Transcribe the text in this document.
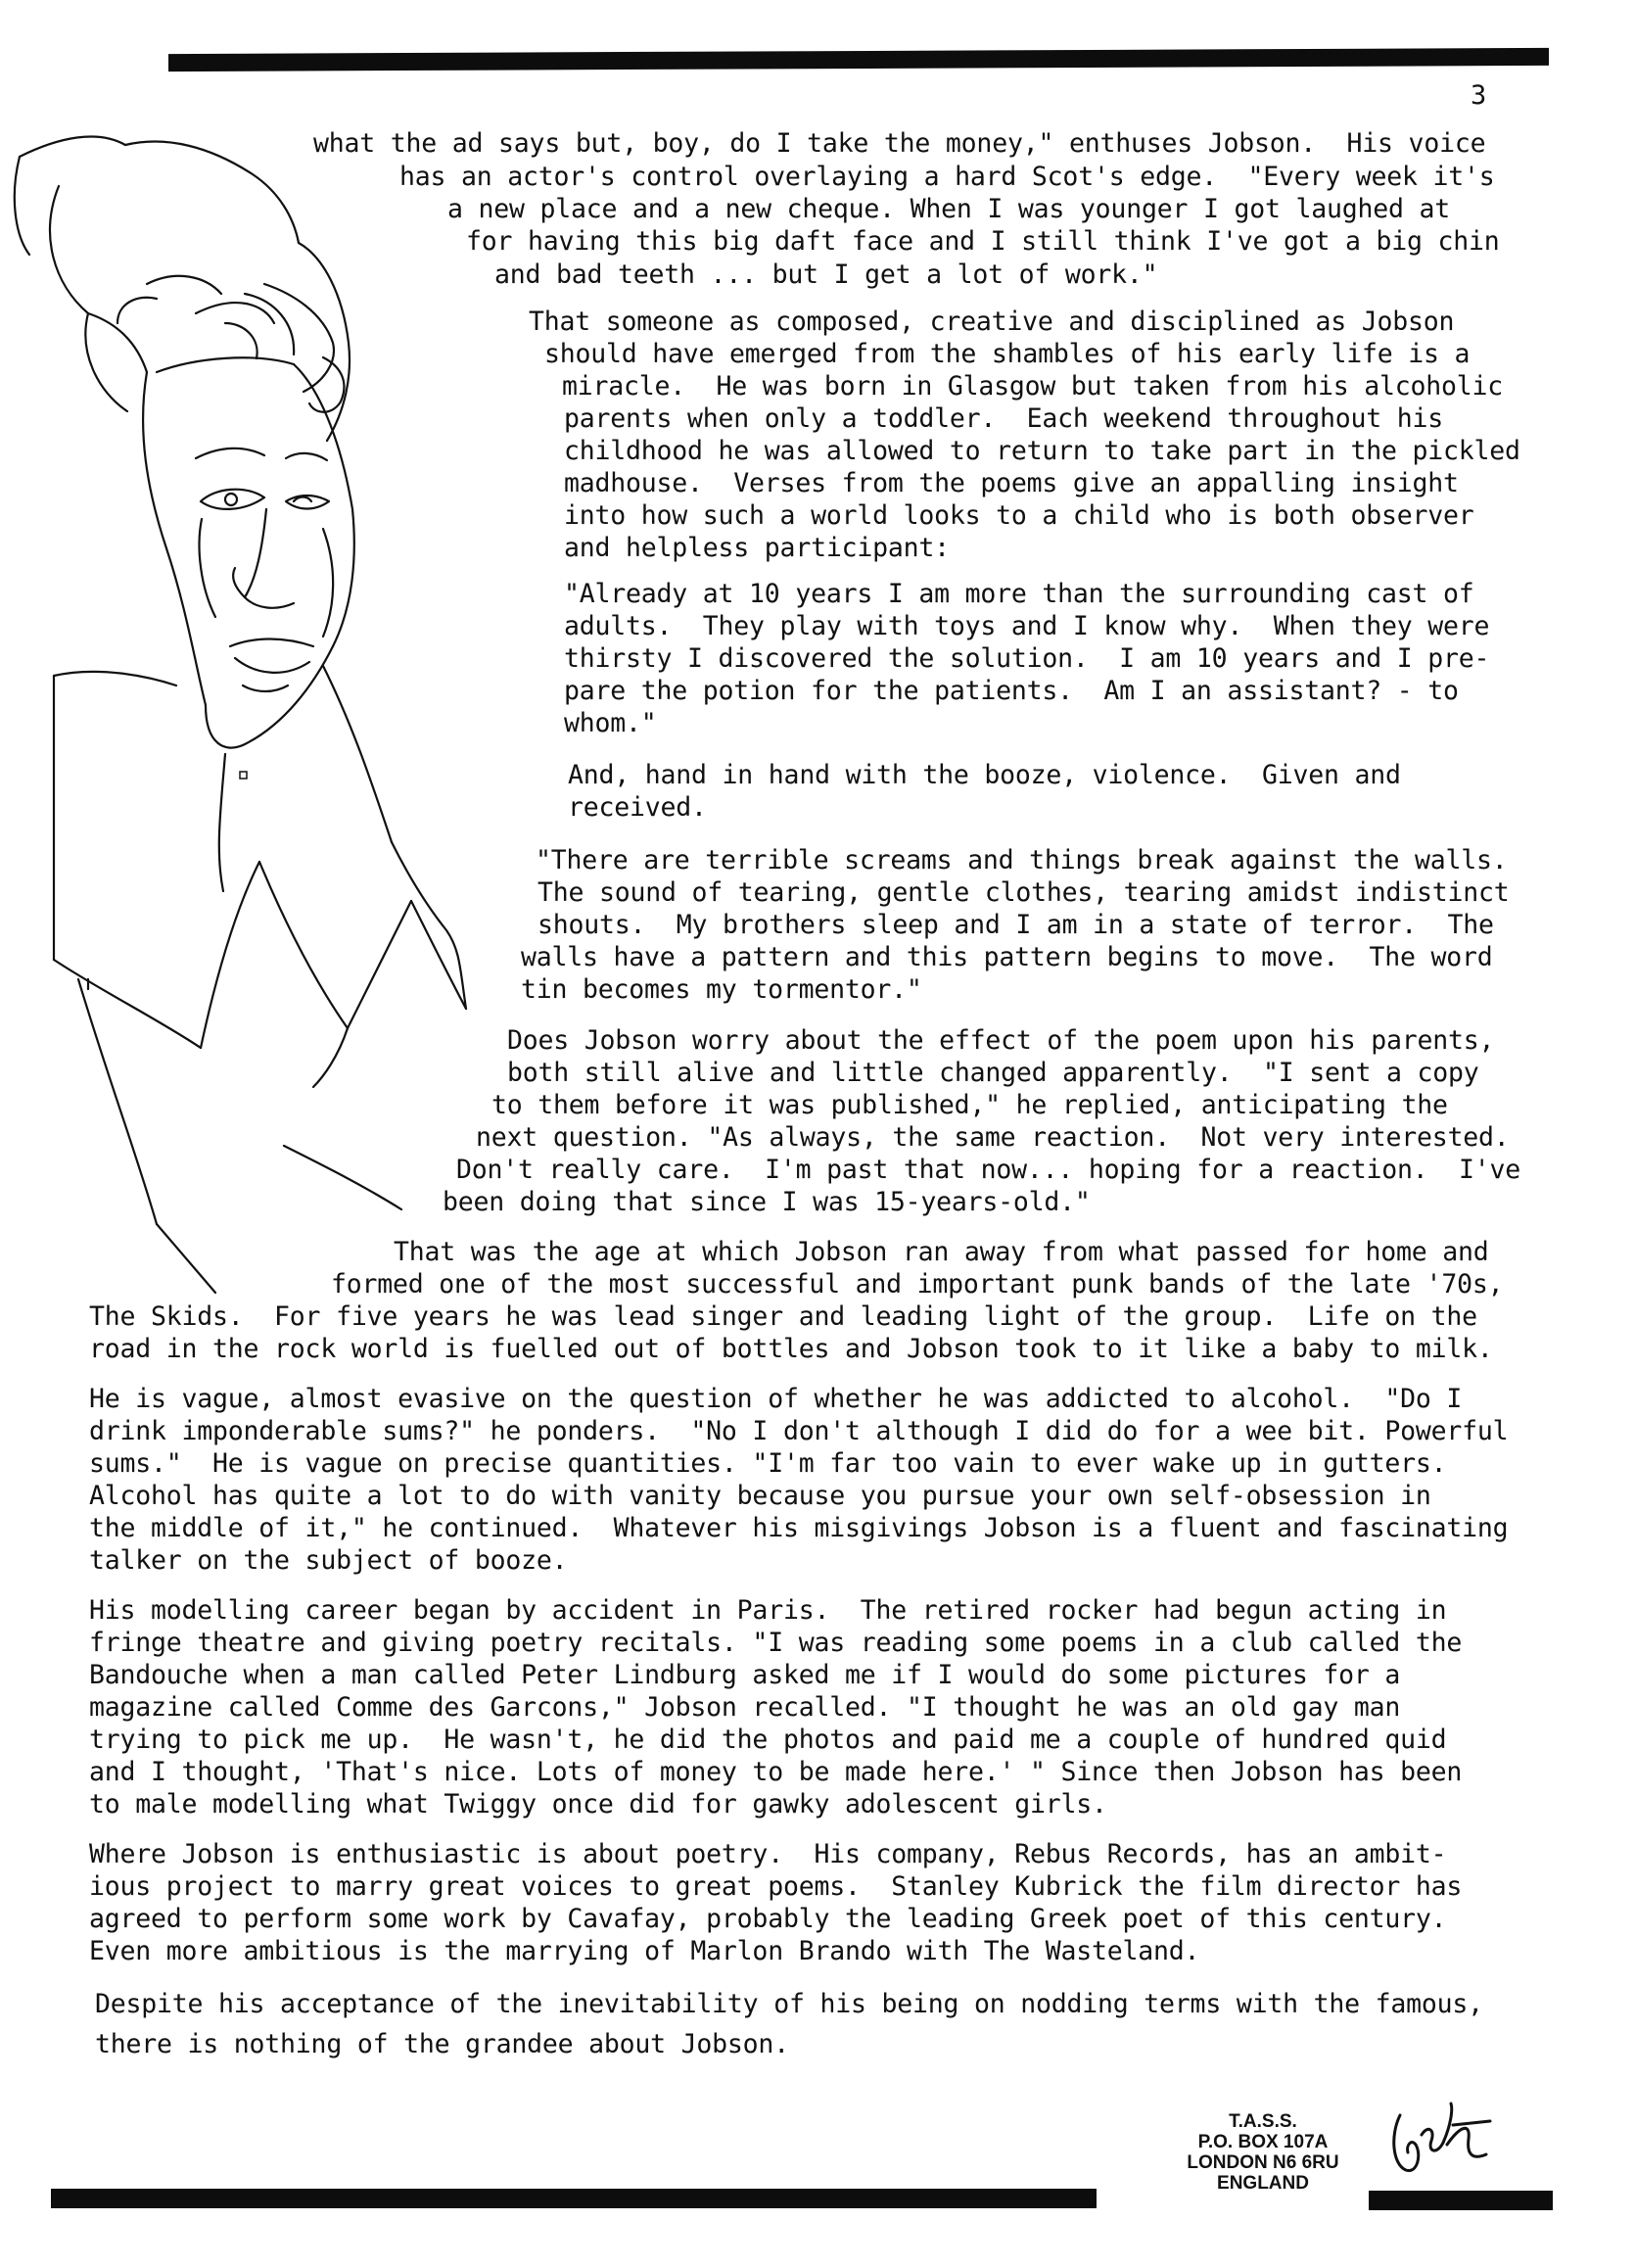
3
what the ad says but, boy, do I take the money," enthuses Jobson.  His voice
has an actor's control overlaying a hard Scot's edge.  "Every week it's
a new place and a new cheque. When I was younger I got laughed at
for having this big daft face and I still think I've got a big chin
and bad teeth ... but I get a lot of work."
That someone as composed, creative and disciplined as Jobson
should have emerged from the shambles of his early life is a
miracle.  He was born in Glasgow but taken from his alcoholic
parents when only a toddler.  Each weekend throughout his
childhood he was allowed to return to take part in the pickled
madhouse.  Verses from the poems give an appalling insight
into how such a world looks to a child who is both observer
and helpless participant:
"Already at 10 years I am more than the surrounding cast of
adults.  They play with toys and I know why.  When they were
thirsty I discovered the solution.  I am 10 years and I pre-
pare the potion for the patients.  Am I an assistant? - to
whom."
And, hand in hand with the booze, violence.  Given and
received.
"There are terrible screams and things break against the walls.
The sound of tearing, gentle clothes, tearing amidst indistinct
shouts.  My brothers sleep and I am in a state of terror.  The
walls have a pattern and this pattern begins to move.  The word
tin becomes my tormentor."
Does Jobson worry about the effect of the poem upon his parents,
both still alive and little changed apparently.  "I sent a copy
to them before it was published," he replied, anticipating the
next question. "As always, the same reaction.  Not very interested.
Don't really care.  I'm past that now... hoping for a reaction.  I've
been doing that since I was 15-years-old."
That was the age at which Jobson ran away from what passed for home and
formed one of the most successful and important punk bands of the late '70s,
The Skids.  For five years he was lead singer and leading light of the group.  Life on the
road in the rock world is fuelled out of bottles and Jobson took to it like a baby to milk.
He is vague, almost evasive on the question of whether he was addicted to alcohol.  "Do I
drink imponderable sums?" he ponders.  "No I don't although I did do for a wee bit. Powerful
sums."  He is vague on precise quantities. "I'm far too vain to ever wake up in gutters.
Alcohol has quite a lot to do with vanity because you pursue your own self-obsession in
the middle of it," he continued.  Whatever his misgivings Jobson is a fluent and fascinating
talker on the subject of booze.
His modelling career began by accident in Paris.  The retired rocker had begun acting in
fringe theatre and giving poetry recitals. "I was reading some poems in a club called the
Bandouche when a man called Peter Lindburg asked me if I would do some pictures for a
magazine called Comme des Garcons," Jobson recalled. "I thought he was an old gay man
trying to pick me up.  He wasn't, he did the photos and paid me a couple of hundred quid
and I thought, 'That's nice. Lots of money to be made here.' " Since then Jobson has been
to male modelling what Twiggy once did for gawky adolescent girls.
Where Jobson is enthusiastic is about poetry.  His company, Rebus Records, has an ambit-
ious project to marry great voices to great poems.  Stanley Kubrick the film director has
agreed to perform some work by Cavafay, probably the leading Greek poet of this century.
Even more ambitious is the marrying of Marlon Brando with The Wasteland.
Despite his acceptance of the inevitability of his being on nodding terms with the famous,
there is nothing of the grandee about Jobson.
T.A.S.S.
P.O. BOX 107A
LONDON N6 6RU
ENGLAND
